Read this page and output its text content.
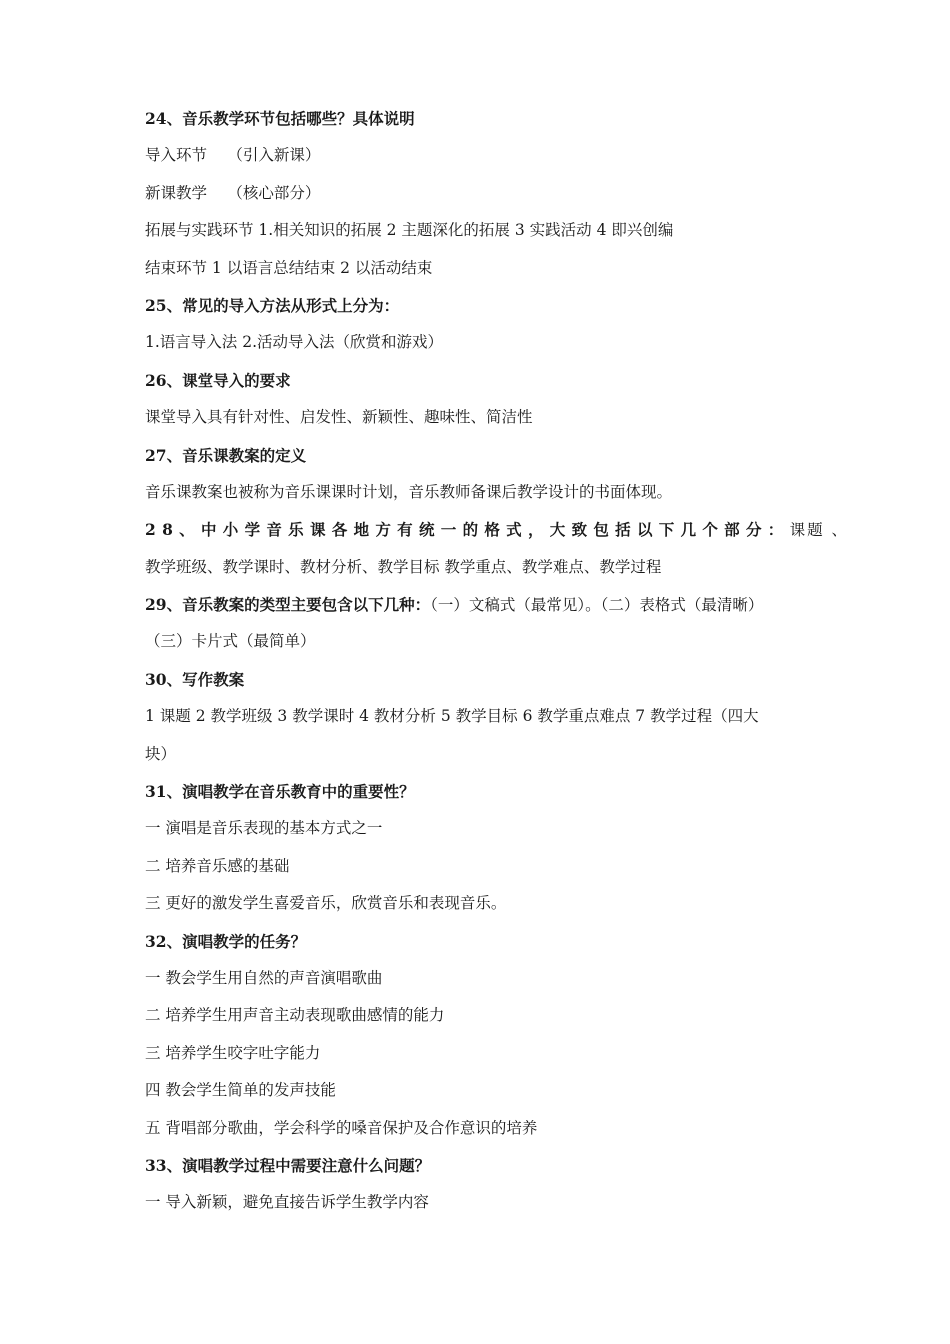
24、音乐教学环节包括哪些？具体说明
导入环节　 （引入新课）
新课教学　 （核心部分）
拓展与实践环节 1.相关知识的拓展 2 主题深化的拓展 3 实践活动 4 即兴创编
结束环节 1 以语言总结结束 2 以活动结束
25、常见的导入方法从形式上分为：
1.语言导入法 2.活动导入法（欣赏和游戏）
26、课堂导入的要求
课堂导入具有针对性、启发性、新颖性、趣味性、简洁性
27、音乐课教案的定义
音乐课教案也被称为音乐课课时计划，音乐教师备课后教学设计的书面体现。
28、中小学音乐课各地方有统一的格式，大致包括以下几个部分：课题 、
教学班级、教学课时、教材分析、教学目标 教学重点、教学难点、教学过程
29、音乐教案的类型主要包含以下几种：（一）文稿式（最常见）。（二）表格式（最清晰）
（三）卡片式（最简单）
30、写作教案
1 课题 2 教学班级 3 教学课时 4 教材分析 5 教学目标 6 教学重点难点 7 教学过程（四大
块）
31、演唱教学在音乐教育中的重要性？
一 演唱是音乐表现的基本方式之一
二 培养音乐感的基础
三 更好的激发学生喜爱音乐，欣赏音乐和表现音乐。
32、演唱教学的任务？
一 教会学生用自然的声音演唱歌曲
二 培养学生用声音主动表现歌曲感情的能力
三 培养学生咬字吐字能力
四 教会学生简单的发声技能
五 背唱部分歌曲，学会科学的嗓音保护及合作意识的培养
33、演唱教学过程中需要注意什么问题？
一 导入新颖，避免直接告诉学生教学内容
